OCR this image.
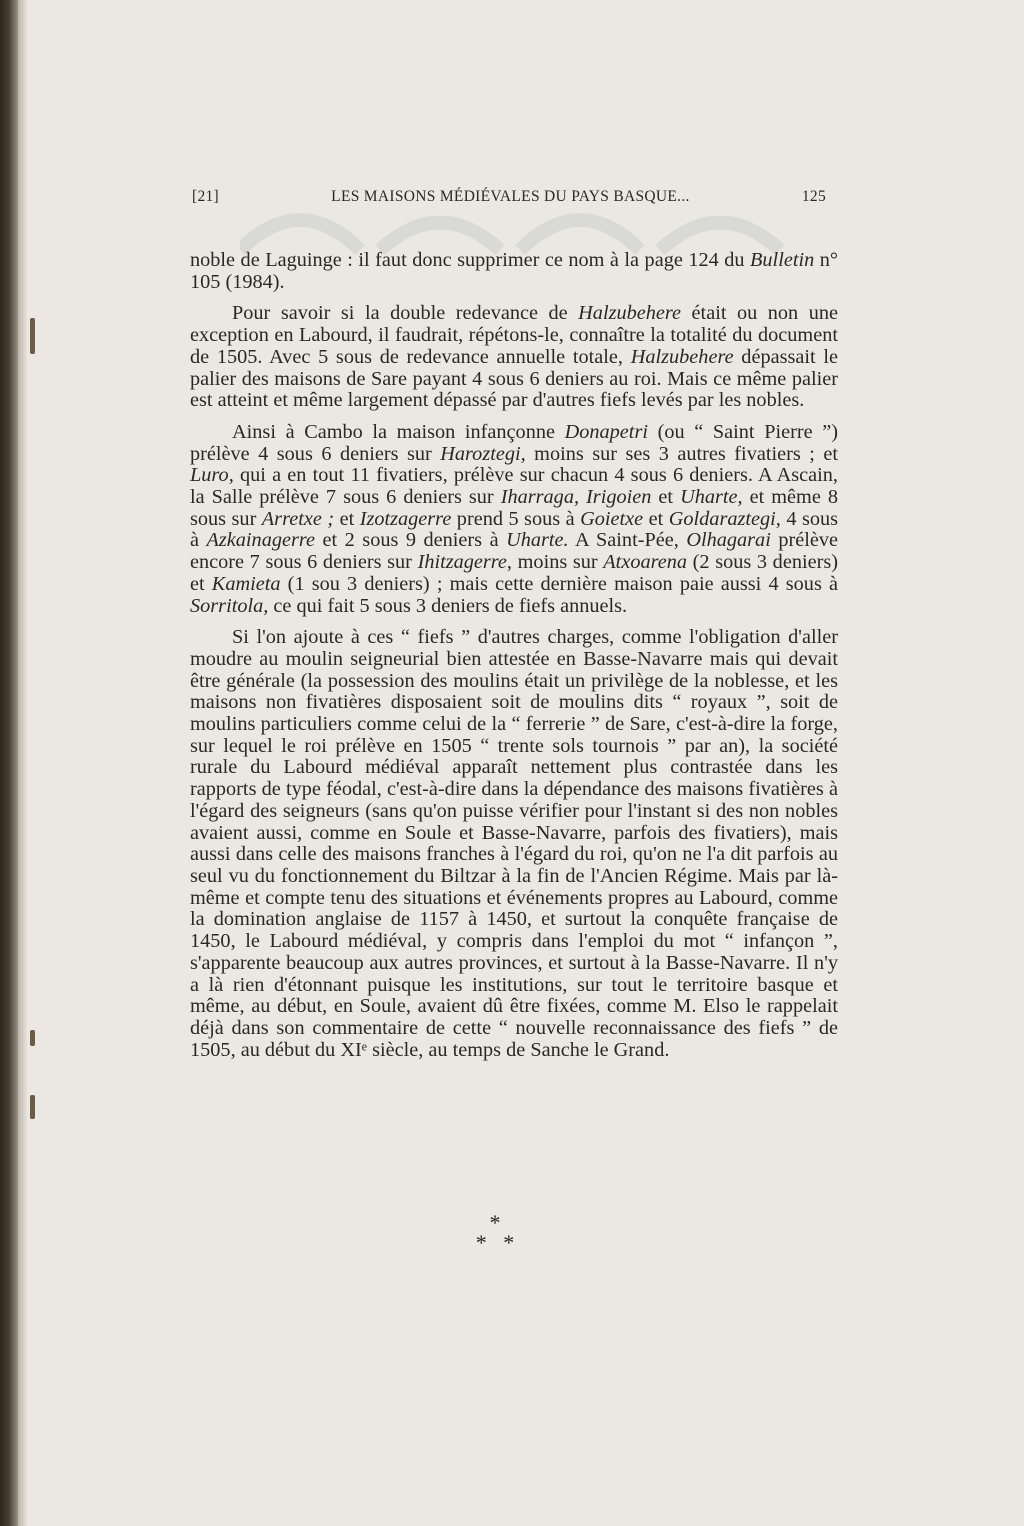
[21]	LES MAISONS MÉDIÉVALES DU PAYS BASQUE...	125

noble de Laguinge : il faut donc supprimer ce nom à la page 124 du Bulletin n° 105 (1984).

Pour savoir si la double redevance de Halzubehere était ou non une exception en Labourd, il faudrait, répétons-le, connaître la totalité du document de 1505. Avec 5 sous de redevance annuelle totale, Halzubehere dépassait le palier des maisons de Sare payant 4 sous 6 deniers au roi. Mais ce même palier est atteint et même largement dépassé par d'autres fiefs levés par les nobles.

Ainsi à Cambo la maison infançonne Donapetri (ou “ Saint Pierre ”) prélève 4 sous 6 deniers sur Haroztegi, moins sur ses 3 autres fivatiers ; et Luro, qui a en tout 11 fivatiers, prélève sur chacun 4 sous 6 deniers. A Ascain, la Salle prélève 7 sous 6 deniers sur Iharraga, Irigoien et Uharte, et même 8 sous sur Arretxe ; et Izotzagerre prend 5 sous à Goietxe et Goldaraztegi, 4 sous à Azkainagerre et 2 sous 9 deniers à Uharte. A Saint-Pée, Olhagarai prélève encore 7 sous 6 deniers sur Ihitzagerre, moins sur Atxoarena (2 sous 3 deniers) et Kamieta (1 sou 3 deniers) ; mais cette dernière maison paie aussi 4 sous à Sorritola, ce qui fait 5 sous 3 deniers de fiefs annuels.

Si l'on ajoute à ces “ fiefs ” d'autres charges, comme l'obligation d'aller moudre au moulin seigneurial bien attestée en Basse-Navarre mais qui devait être générale (la possession des moulins était un privilège de la noblesse, et les maisons non fivatières disposaient soit de moulins dits “ royaux ”, soit de moulins particuliers comme celui de la “ ferrerie ” de Sare, c'est-à-dire la forge, sur lequel le roi prélève en 1505 “ trente sols tournois ” par an), la société rurale du Labourd médiéval apparaît nettement plus contrastée dans les rapports de type féodal, c'est-à-dire dans la dépendance des maisons fivatières à l'égard des seigneurs (sans qu'on puisse vérifier pour l'instant si des non nobles avaient aussi, comme en Soule et Basse-Navarre, parfois des fivatiers), mais aussi dans celle des maisons franches à l'égard du roi, qu'on ne l'a dit parfois au seul vu du fonctionnement du Biltzar à la fin de l'Ancien Régime. Mais par là-même et compte tenu des situations et événements propres au Labourd, comme la domination anglaise de 1157 à 1450, et surtout la conquête française de 1450, le Labourd médiéval, y compris dans l'emploi du mot “ infançon ”, s'apparente beaucoup aux autres provinces, et surtout à la Basse-Navarre. Il n'y a là rien d'étonnant puisque les institutions, sur tout le territoire basque et même, au début, en Soule, avaient dû être fixées, comme M. Elso le rappelait déjà dans son commentaire de cette “ nouvelle reconnaissance des fiefs ” de 1505, au début du XIᵉ siècle, au temps de Sanche le Grand.

*
*   *
